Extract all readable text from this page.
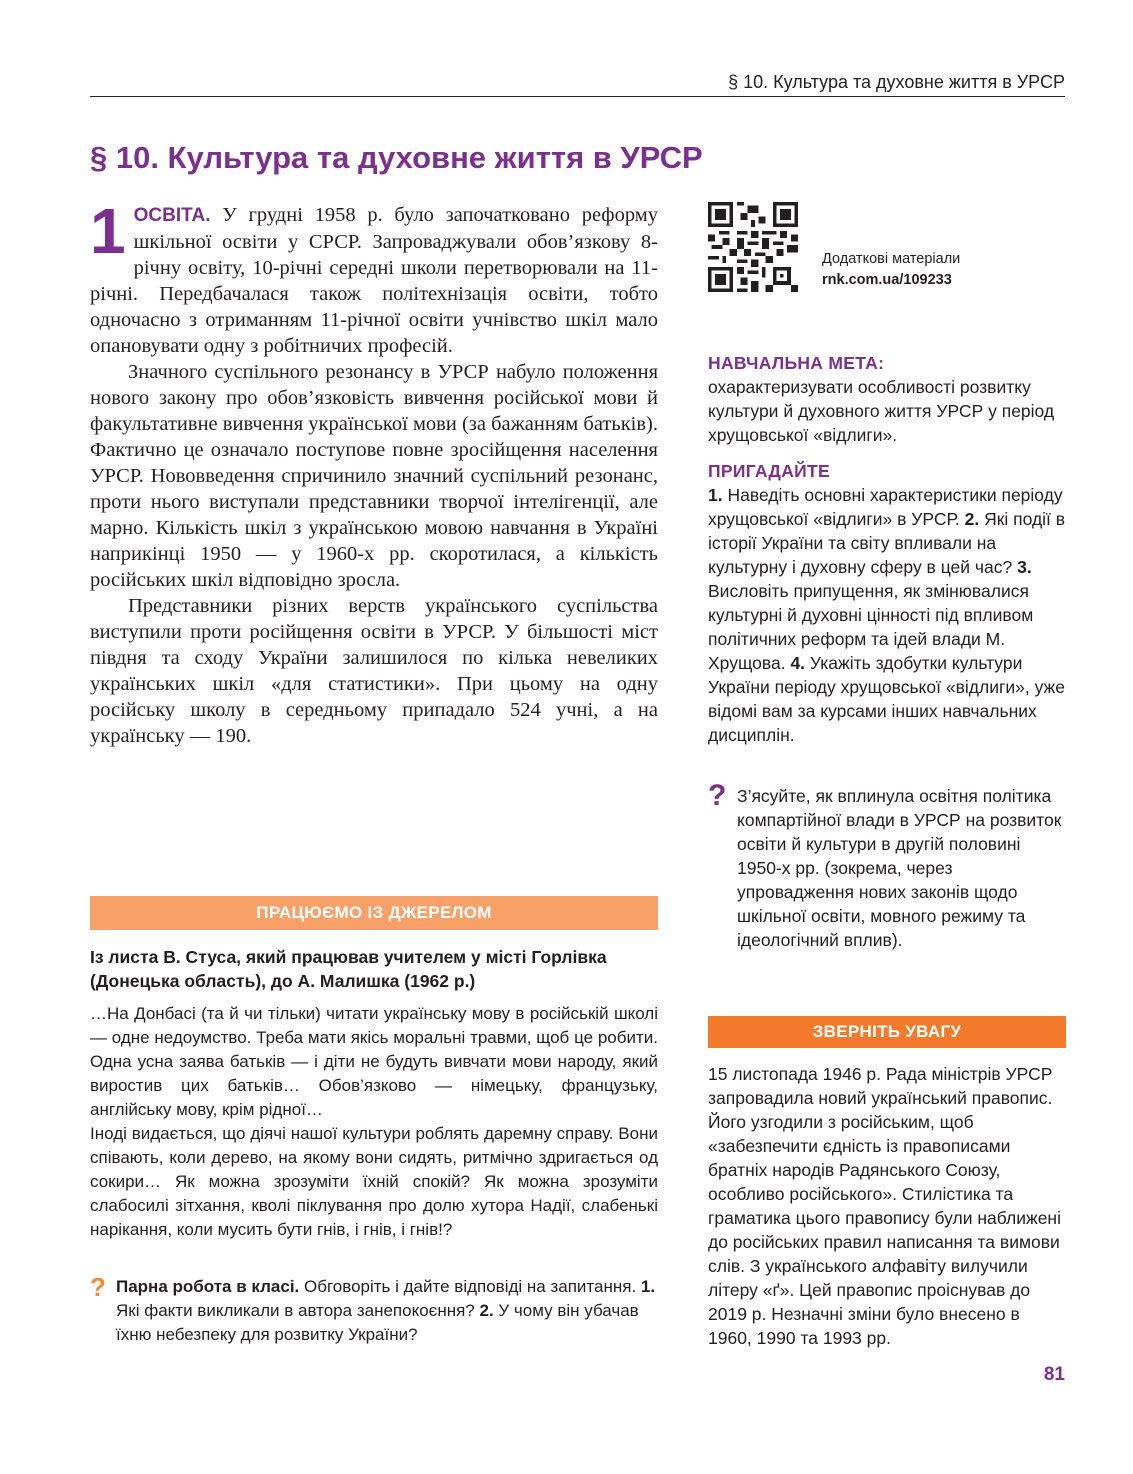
§ 10. Культура та духовне життя в УРСР
§ 10. Культура та духовне життя в УРСР

1 ОСВІТА. У грудні 1958 р. було започатковано реформу шкільної освіти у СРСР. Запроваджували обов’язкову 8-річну освіту, 10-річні середні школи перетворювали на 11-річні. Передбачалася також політехнізація освіти, тобто одночасно з отриманням 11-річної освіти учнівство шкіл мало опановувати одну з робітничих професій.

Значного суспільного резонансу в УРСР набуло положення нового закону про обов’язковість вивчення російської мови й факультативне вивчення української мови (за бажанням батьків). Фактично це означало поступове повне зросійщення населення УРСР. Нововведення спричинило значний суспільний резонанс, проти нього виступали представники творчої інтелігенції, але марно. Кількість шкіл з українською мовою навчання в Україні наприкінці 1950 — у 1960-х рр. скоротилася, а кількість російських шкіл відповідно зросла.

Представники різних верств українського суспільства виступили проти російщення освіти в УРСР. У більшості міст півдня та сходу України залишилося по кілька невеликих українських шкіл «для статистики». При цьому на одну російську школу в середньому припадало 524 учні, а на українську — 190.

ПРАЦЮЄМО ІЗ ДЖЕРЕЛОМ
Із листа В. Стуса, який працював учителем у місті Горлівка (Донецька область), до А. Малишка (1962 р.)

…На Донбасі (та й чи тільки) читати українську мову в російській школі — одне недоумство. Треба мати якісь моральні травми, щоб це робити. Одна усна заява батьків — і діти не будуть вивчати мови народу, який виростив цих батьків… Обов’язково — німецьку, французьку, англійську мову, крім рідної…

Іноді видається, що діячі нашої культури роблять даремну справу. Вони співають, коли дерево, на якому вони сидять, ритмічно здригається од сокири… Як можна зрозуміти їхній спокій? Як можна зрозуміти слабосилі зітхання, кволі піклування про долю хутора Надії, слабенькі нарікання, коли мусить бути гнів, і гнів, і гнів!?

? Парна робота в класі. Обговоріть і дайте відповіді на запитання. 1. Які факти викликали в автора занепокоєння? 2. У чому він убачав їхню небезпеку для розвитку України?
Додаткові матеріали
rnk.com.ua/109233
НАВЧАЛЬНА МЕТА:
охарактеризувати особливості розвитку культури й духовного життя УРСР у період хрущовської «відлиги».
ПРИГАДАЙТЕ
1. Наведіть основні характеристики періоду хрущовської «відлиги» в УРСР. 2. Які події в історії України та світу впливали на культурну і духовну сферу в цей час? 3. Висловіть припущення, як змінювалися культурні й духовні цінності під впливом політичних реформ та ідей влади М. Хрущова. 4. Укажіть здобутки культури України періоду хрущовської «відлиги», уже відомі вам за курсами інших навчальних дисциплін.
? З’ясуйте, як вплинула освітня політика компартійної влади в УРСР на розвиток освіти й культури в другій половині 1950-х рр. (зокрема, через упровадження нових законів щодо шкільної освіти, мовного режиму та ідеологічний вплив).
ЗВЕРНІТЬ УВАГУ
15 листопада 1946 р. Рада міністрів УРСР запровадила новий український правопис. Його узгодили з російським, щоб «забезпечити єдність із правописами братніх народів Радянського Союзу, особливо російського». Стилістика та граматика цього правопису були наближені до російських правил написання та вимови слів. З українського алфавіту вилучили літеру «ґ». Цей правопис проіснував до 2019 р. Незначні зміни було внесено в 1960, 1990 та 1993 рр.
81
